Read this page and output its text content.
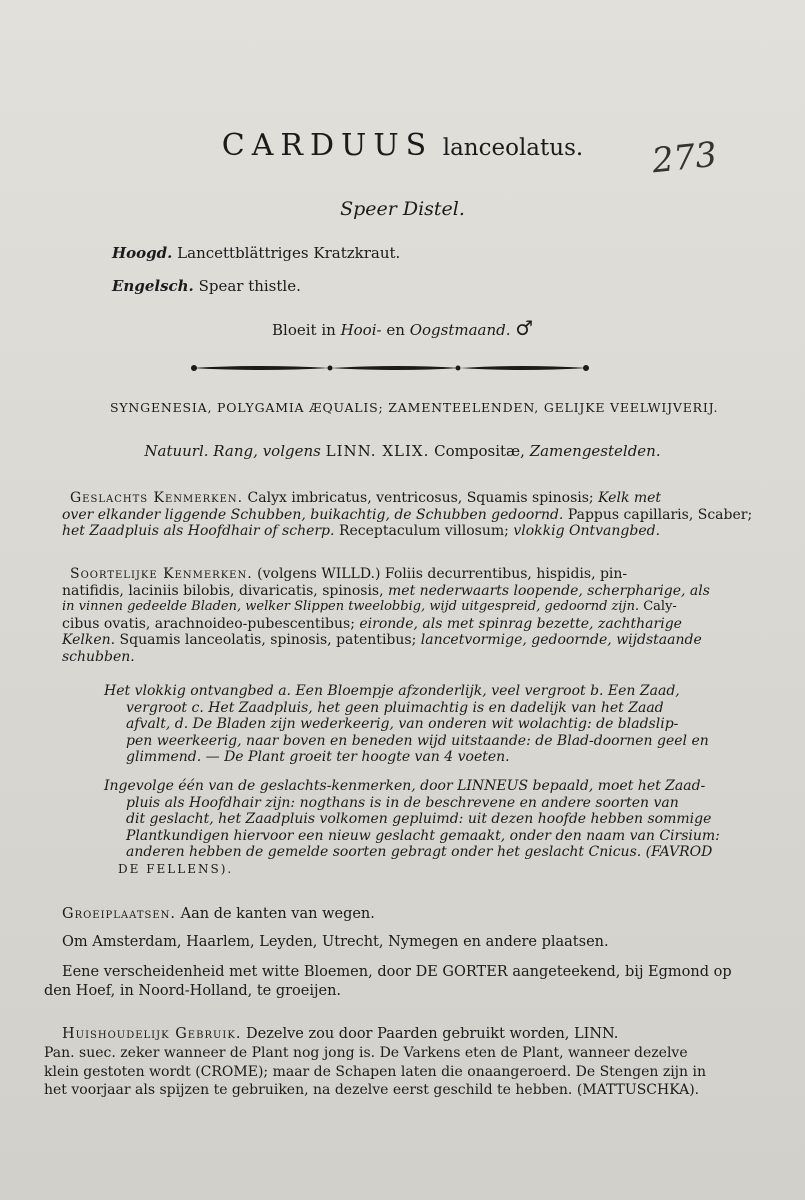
CARDUUS lanceolatus.	273
Speer Distel.
Hoogd. Lancettblättriges Kratzkraut.
Engelsch. Spear thistle.
Bloeit in Hooi- en Oogstmaand. ♂
SYNGENESIA, POLYGAMIA ÆQUALIS; ZAMENTEELENDEN, GELIJKE VEELWIJVERIJ.
Natuurl. Rang, volgens LINN. XLIX. Compositæ, Zamengestelden.
Geslachts Kenmerken. Calyx imbricatus, ventricosus, Squamis spinosis; Kelk met
over elkander liggende Schubben, buikachtig, de Schubben gedoornd. Pappus capillaris, Scaber;
het Zaadpluis als Hoofdhair of scherp. Receptaculum villosum; vlokkig Ontvangbed.
Soortelijke Kenmerken. (volgens WILLD.) Foliis decurrentibus, hispidis, pin-
natifidis, laciniis bilobis, divaricatis, spinosis, met nederwaarts loopende, scherpharige, als
in vinnen gedeelde Bladen, welker Slippen tweelobbig, wijd uitgespreid, gedoornd zijn. Caly-
cibus ovatis, arachnoideo-pubescentibus; eironde, als met spinrag bezette, zachtharige
Kelken. Squamis lanceolatis, spinosis, patentibus; lancetvormige, gedoornde, wijdstaande
schubben.
Het vlokkig ontvangbed a. Een Bloempje afzonderlijk, veel vergroot b. Een Zaad,
vergroot c. Het Zaadpluis, het geen pluimachtig is en dadelijk van het Zaad
afvalt, d. De Bladen zijn wederkeerig, van onderen wit wolachtig: de bladslip-
pen weerkeerig, naar boven en beneden wijd uitstaande: de Blad-doornen geel en
glimmend. — De Plant groeit ter hoogte van 4 voeten.
Ingevolge één van de geslachts-kenmerken, door LINNEUS bepaald, moet het Zaad-
pluis als Hoofdhair zijn: nogthans is in de beschrevene en andere soorten van
dit geslacht, het Zaadpluis volkomen gepluimd: uit dezen hoofde hebben sommige
Plantkundigen hiervoor een nieuw geslacht gemaakt, onder den naam van Cirsium:
anderen hebben de gemelde soorten gebragt onder het geslacht Cnicus. (FAVROD
DE FELLENS).
Groeiplaatsen. Aan de kanten van wegen.
Om Amsterdam, Haarlem, Leyden, Utrecht, Nymegen en andere plaatsen.
Eene verscheidenheid met witte Bloemen, door DE GORTER aangeteekend, bij Egmond op
den Hoef, in Noord-Holland, te groeijen.
Huishoudelijk Gebruik. Dezelve zou door Paarden gebruikt worden, LINN.
Pan. suec. zeker wanneer de Plant nog jong is. De Varkens eten de Plant, wanneer dezelve
klein gestoten wordt (CROME); maar de Schapen laten die onaangeroerd. De Stengen zijn in
het voorjaar als spijzen te gebruiken, na dezelve eerst geschild te hebben. (MATTUSCHKA).
